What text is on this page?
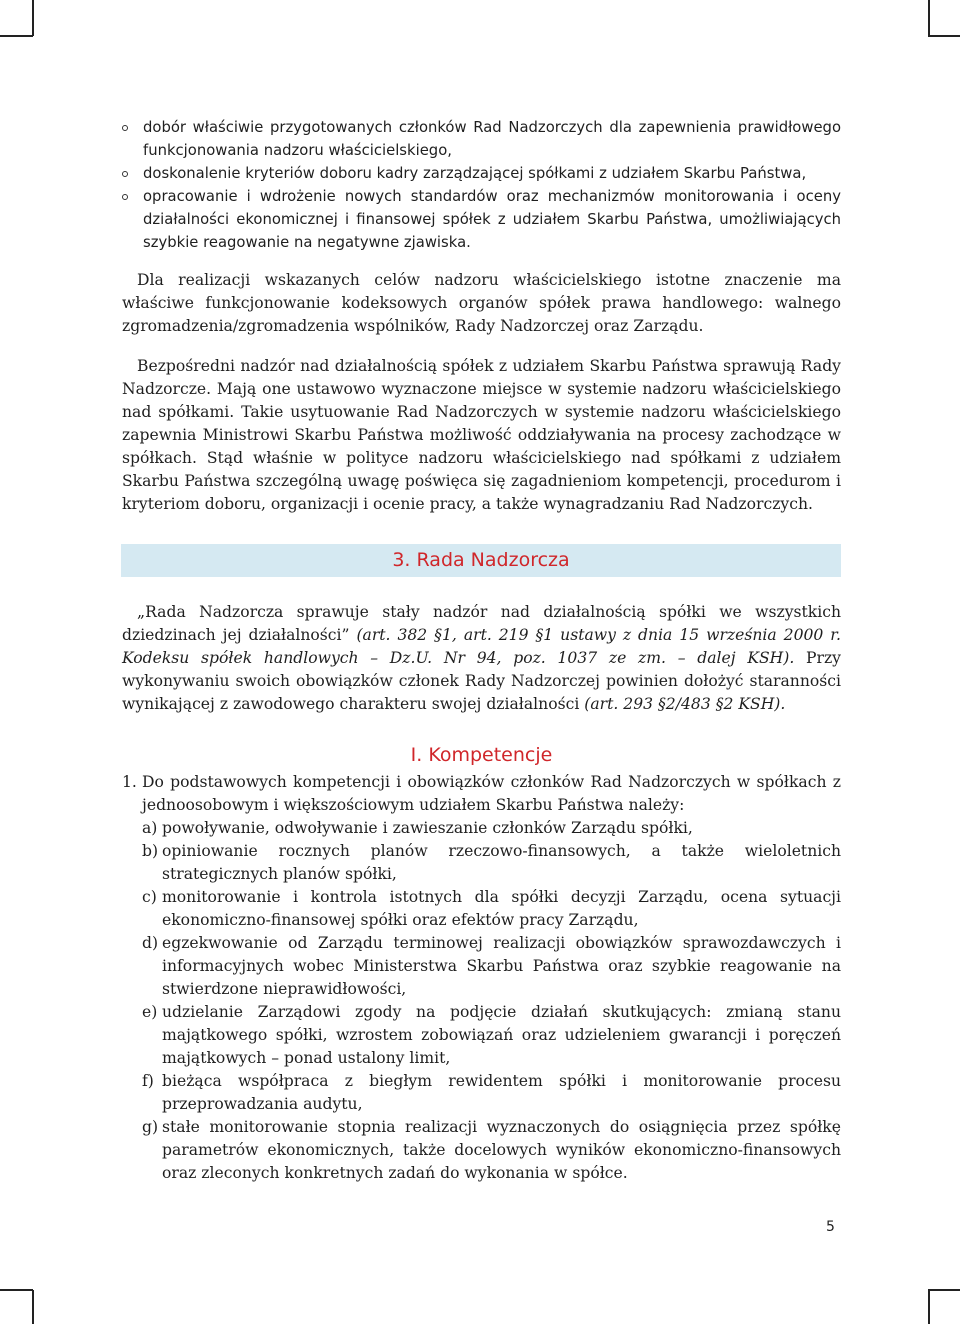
dobór właściwie przygotowanych członków Rad Nadzorczych dla zapewnienia prawidłowego funkcjonowania nadzoru właścicielskiego,
doskonalenie kryteriów doboru kadry zarządzającej spółkami z udziałem Skarbu Państwa,
opracowanie i wdrożenie nowych standardów oraz mechanizmów monitorowania i oceny działalności ekonomicznej i finansowej spółek z udziałem Skarbu Państwa, umożliwiających szybkie reagowanie na negatywne zjawiska.

Dla realizacji wskazanych celów nadzoru właścicielskiego istotne znaczenie ma właściwe funkcjonowanie kodeksowych organów spółek prawa handlowego: walnego zgromadzenia/zgromadzenia wspólników, Rady Nadzorczej oraz Zarządu.

Bezpośredni nadzór nad działalnością spółek z udziałem Skarbu Państwa sprawują Rady Nadzorcze. Mają one ustawowo wyznaczone miejsce w systemie nadzoru właścicielskiego nad spółkami. Takie usytuowanie Rad Nadzorczych w systemie nadzoru właścicielskiego zapewnia Ministrowi Skarbu Państwa możliwość oddziaływania na procesy zachodzące w spółkach. Stąd właśnie w polityce nadzoru właścicielskiego nad spółkami z udziałem Skarbu Państwa szczególną uwagę poświęca się zagadnieniom kompetencji, procedurom i kryteriom doboru, organizacji i ocenie pracy, a także wynagradzaniu Rad Nadzorczych.

3. Rada Nadzorcza

„Rada Nadzorcza sprawuje stały nadzór nad działalnością spółki we wszystkich dziedzinach jej działalności” (art. 382 §1, art. 219 §1 ustawy z dnia 15 września 2000 r. Kodeksu spółek handlowych – Dz.U. Nr 94, poz. 1037 ze zm. – dalej KSH). Przy wykonywaniu swoich obowiązków członek Rady Nadzorczej powinien dołożyć staranności wynikającej z zawodowego charakteru swojej działalności (art. 293 §2/483 §2 KSH).

I. Kompetencje
1. Do podstawowych kompetencji i obowiązków członków Rad Nadzorczych w spółkach z jednoosobowym i większościowym udziałem Skarbu Państwa należy:
a) powoływanie, odwoływanie i zawieszanie członków Zarządu spółki,
b) opiniowanie rocznych planów rzeczowo-finansowych, a także wieloletnich strategicznych planów spółki,
c) monitorowanie i kontrola istotnych dla spółki decyzji Zarządu, ocena sytuacji ekonomiczno-finansowej spółki oraz efektów pracy Zarządu,
d) egzekwowanie od Zarządu terminowej realizacji obowiązków sprawozdawczych i informacyjnych wobec Ministerstwa Skarbu Państwa oraz szybkie reagowanie na stwierdzone nieprawidłowości,
e) udzielanie Zarządowi zgody na podjęcie działań skutkujących: zmianą stanu majątkowego spółki, wzrostem zobowiązań oraz udzieleniem gwarancji i poręczeń majątkowych – ponad ustalony limit,
f) bieżąca współpraca z biegłym rewidentem spółki i monitorowanie procesu przeprowadzania audytu,
g) stałe monitorowanie stopnia realizacji wyznaczonych do osiągnięcia przez spółkę parametrów ekonomicznych, także docelowych wyników ekonomiczno-finansowych oraz zleconych konkretnych zadań do wykonania w spółce.
5
